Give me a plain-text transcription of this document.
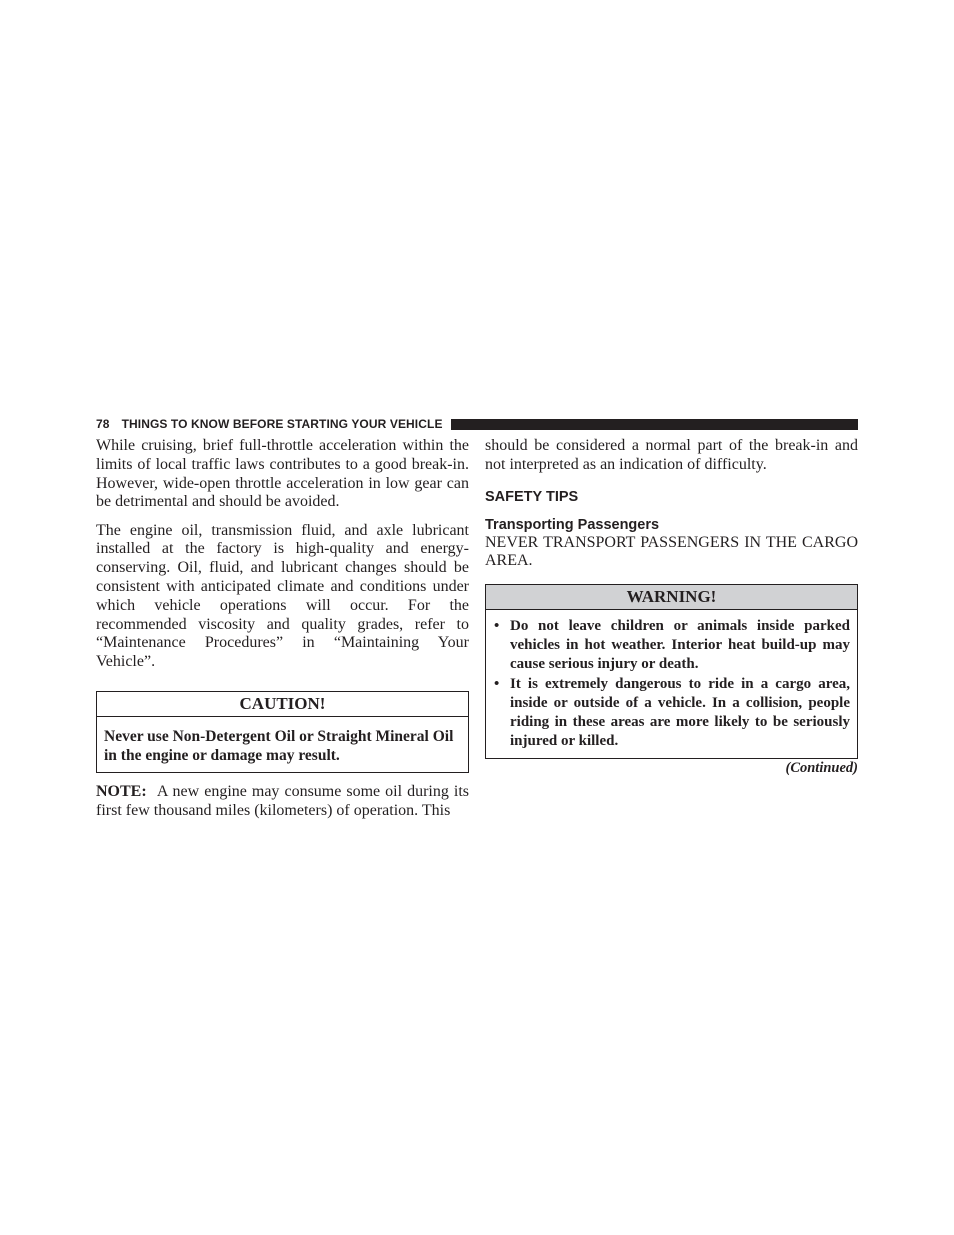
78 THINGS TO KNOW BEFORE STARTING YOUR VEHICLE

While cruising, brief full-throttle acceleration within the limits of local traffic laws contributes to a good break-in. However, wide-open throttle acceleration in low gear can be detrimental and should be avoided.

The engine oil, transmission fluid, and axle lubricant installed at the factory is high-quality and energy-conserving. Oil, fluid, and lubricant changes should be consistent with anticipated climate and conditions under which vehicle operations will occur. For the recommended viscosity and quality grades, refer to “Maintenance Procedures” in “Maintaining Your Vehicle”.

CAUTION!
Never use Non-Detergent Oil or Straight Mineral Oil in the engine or damage may result.

NOTE: A new engine may consume some oil during its first few thousand miles (kilometers) of operation. This

should be considered a normal part of the break-in and not interpreted as an indication of difficulty.

SAFETY TIPS
Transporting Passengers

NEVER TRANSPORT PASSENGERS IN THE CARGO AREA.

WARNING!
• Do not leave children or animals inside parked vehicles in hot weather. Interior heat build-up may cause serious injury or death.
• It is extremely dangerous to ride in a cargo area, inside or outside of a vehicle. In a collision, people riding in these areas are more likely to be seriously injured or killed.
(Continued)
